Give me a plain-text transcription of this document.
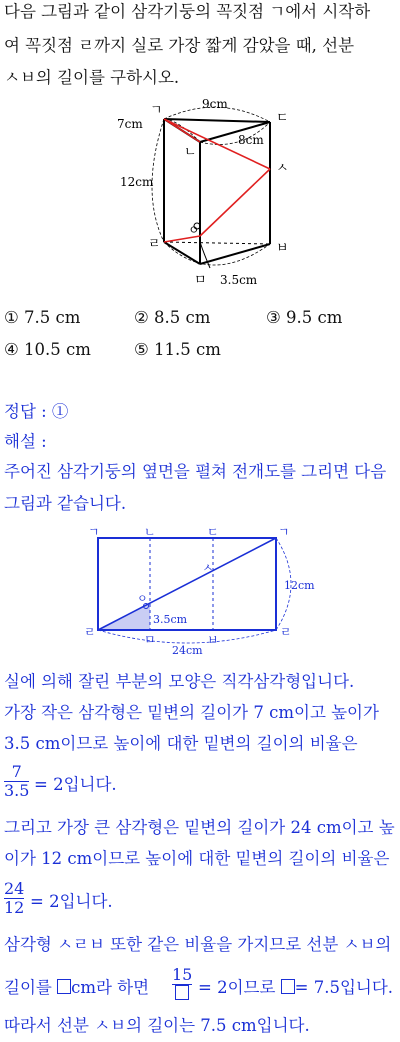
다음 그림과 같이 삼각기둥의 꼭짓점 ㄱ에서 시작하
여 꼭짓점 ㄹ까지 실로 가장 짧게 감았을 때, 선분
ㅅㅂ의 길이를 구하시오.
ㄱ
ㄴ
ㄷ
ㅅ
ㄹ
ㅁ
ㅂ
ㅇ
9cm
7cm
8cm
12cm
3.5cm
① 7.5 cm	② 8.5 cm	③ 9.5 cm
④ 10.5 cm	⑤ 11.5 cm
정답 : ①
해설 :
주어진 삼각기둥의 옆면을 펼쳐 전개도를 그리면 다음
그림과 같습니다.
ㄱ	ㄴ	ㄷ	ㄱ
ㄹ
ㅁ	ㅂ
ㄹ
ㅅ
ㅇ
12cm
3.5cm
24cm
실에 의해 잘린 부분의 모양은 직각삼각형입니다.
가장 작은 삼각형은 밑변의 길이가 7 cm이고 높이가
3.5 cm이므로 높이에 대한 밑변의 길이의 비율은
7
3.5 = 2입니다.
그리고 가장 큰 삼각형은 밑변의 길이가 24 cm이고 높
이가 12 cm이므로 높이에 대한 밑변의 길이의 비율은
24
12 = 2입니다.
삼각형 ㅅㄹㅂ 또한 같은 비율을 가지므로 선분 ㅅㅂ의
길이를 cm라 하면
15
= 2이므로 = 7.5입니다.
따라서 선분 ㅅㅂ의 길이는 7.5 cm입니다.
